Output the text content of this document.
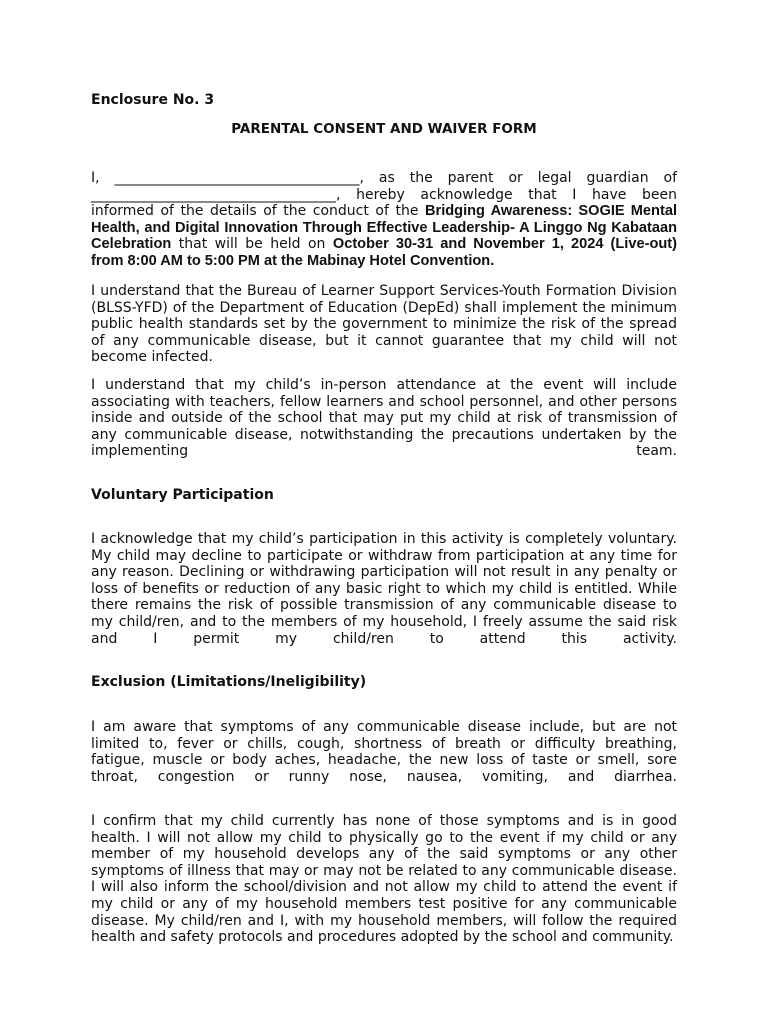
Enclosure No. 3
PARENTAL CONSENT AND WAIVER FORM
I, ___________________________________, as the parent or legal guardian of ___________________________________, hereby acknowledge that I have been informed of the details of the conduct of the Bridging Awareness: SOGIE Mental Health, and Digital Innovation Through Effective Leadership- A Linggo Ng Kabataan Celebration that will be held on October 30-31 and November 1, 2024 (Live-out) from 8:00 AM to 5:00 PM at the Mabinay Hotel Convention.
I understand that the Bureau of Learner Support Services-Youth Formation Division (BLSS-YFD) of the Department of Education (DepEd) shall implement the minimum public health standards set by the government to minimize the risk of the spread of any communicable disease, but it cannot guarantee that my child will not become infected.
I understand that my child’s in-person attendance at the event will include associating with teachers, fellow learners and school personnel, and other persons inside and outside of the school that may put my child at risk of transmission of any communicable disease, notwithstanding the precautions undertaken by the implementing team.
Voluntary Participation
I acknowledge that my child’s participation in this activity is completely voluntary. My child may decline to participate or withdraw from participation at any time for any reason. Declining or withdrawing participation will not result in any penalty or loss of benefits or reduction of any basic right to which my child is entitled. While there remains the risk of possible transmission of any communicable disease to my child/ren, and to the members of my household, I freely assume the said risk and I permit my child/ren to attend this activity.
Exclusion (Limitations/Ineligibility)
I am aware that symptoms of any communicable disease include, but are not limited to, fever or chills, cough, shortness of breath or difficulty breathing, fatigue, muscle or body aches, headache, the new loss of taste or smell, sore throat, congestion or runny nose, nausea, vomiting, and diarrhea.
I confirm that my child currently has none of those symptoms and is in good health. I will not allow my child to physically go to the event if my child or any member of my household develops any of the said symptoms or any other symptoms of illness that may or may not be related to any communicable disease. I will also inform the school/division and not allow my child to attend the event if my child or any of my household members test positive for any communicable disease. My child/ren and I, with my household members, will follow the required health and safety protocols and procedures adopted by the school and community.
